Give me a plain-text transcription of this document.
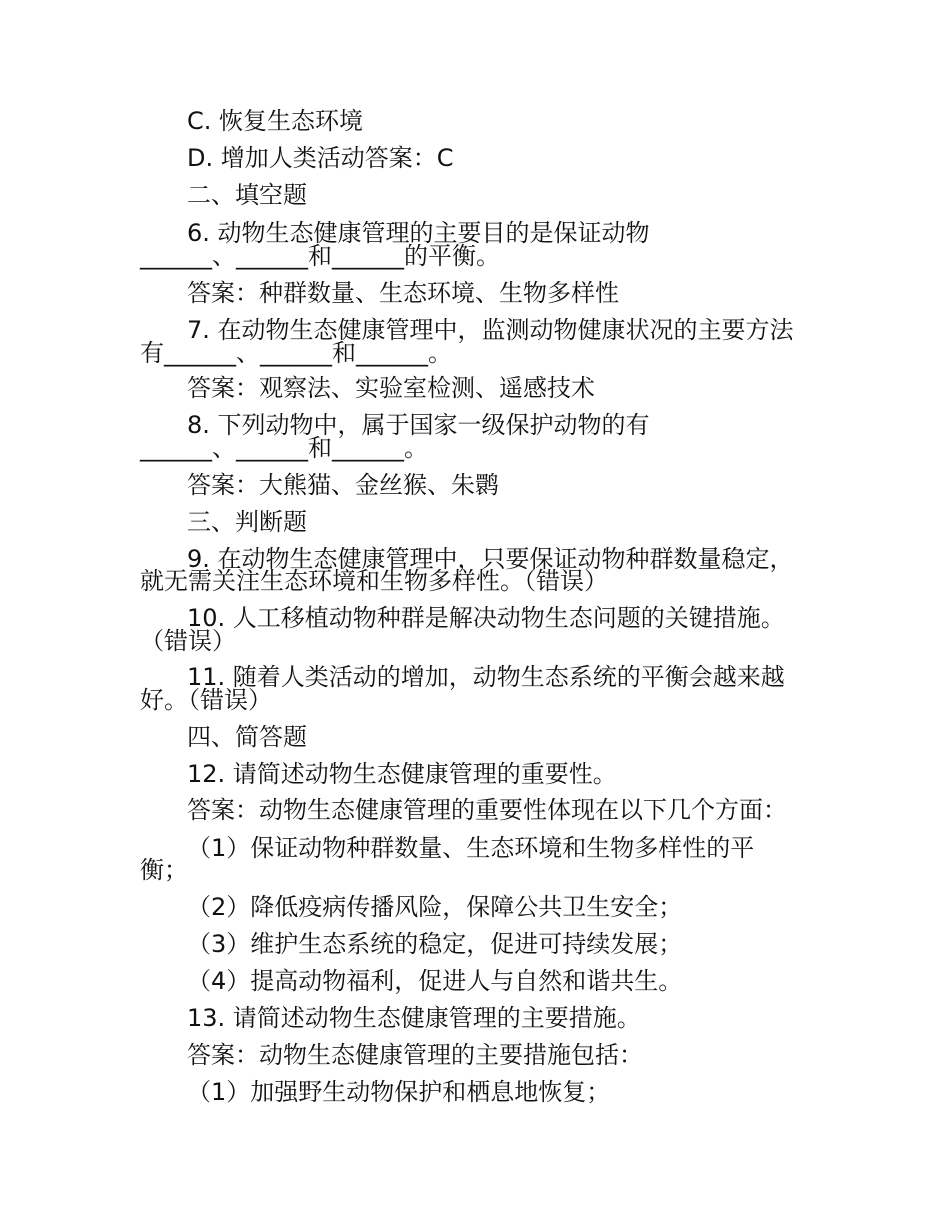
C. 恢复生态环境
D. 增加人类活动答案：C
二、填空题
6. 动物生态健康管理的主要目的是保证动物
______、______和______的平衡。
答案：种群数量、生态环境、生物多样性
7. 在动物生态健康管理中，监测动物健康状况的主要方法
有______、______和______。
答案：观察法、实验室检测、遥感技术
8. 下列动物中，属于国家一级保护动物的有
______、______和______。
答案：大熊猫、金丝猴、朱鹮
三、判断题
9. 在动物生态健康管理中，只要保证动物种群数量稳定，
就无需关注生态环境和生物多样性。（错误）
10. 人工移植动物种群是解决动物生态问题的关键措施。
（错误）
11. 随着人类活动的增加，动物生态系统的平衡会越来越
好。（错误）
四、简答题
12. 请简述动物生态健康管理的重要性。
答案：动物生态健康管理的重要性体现在以下几个方面：
（1）保证动物种群数量、生态环境和生物多样性的平
衡；
（2）降低疫病传播风险，保障公共卫生安全；
（3）维护生态系统的稳定，促进可持续发展；
（4）提高动物福利，促进人与自然和谐共生。
13. 请简述动物生态健康管理的主要措施。
答案：动物生态健康管理的主要措施包括：
（1）加强野生动物保护和栖息地恢复；
